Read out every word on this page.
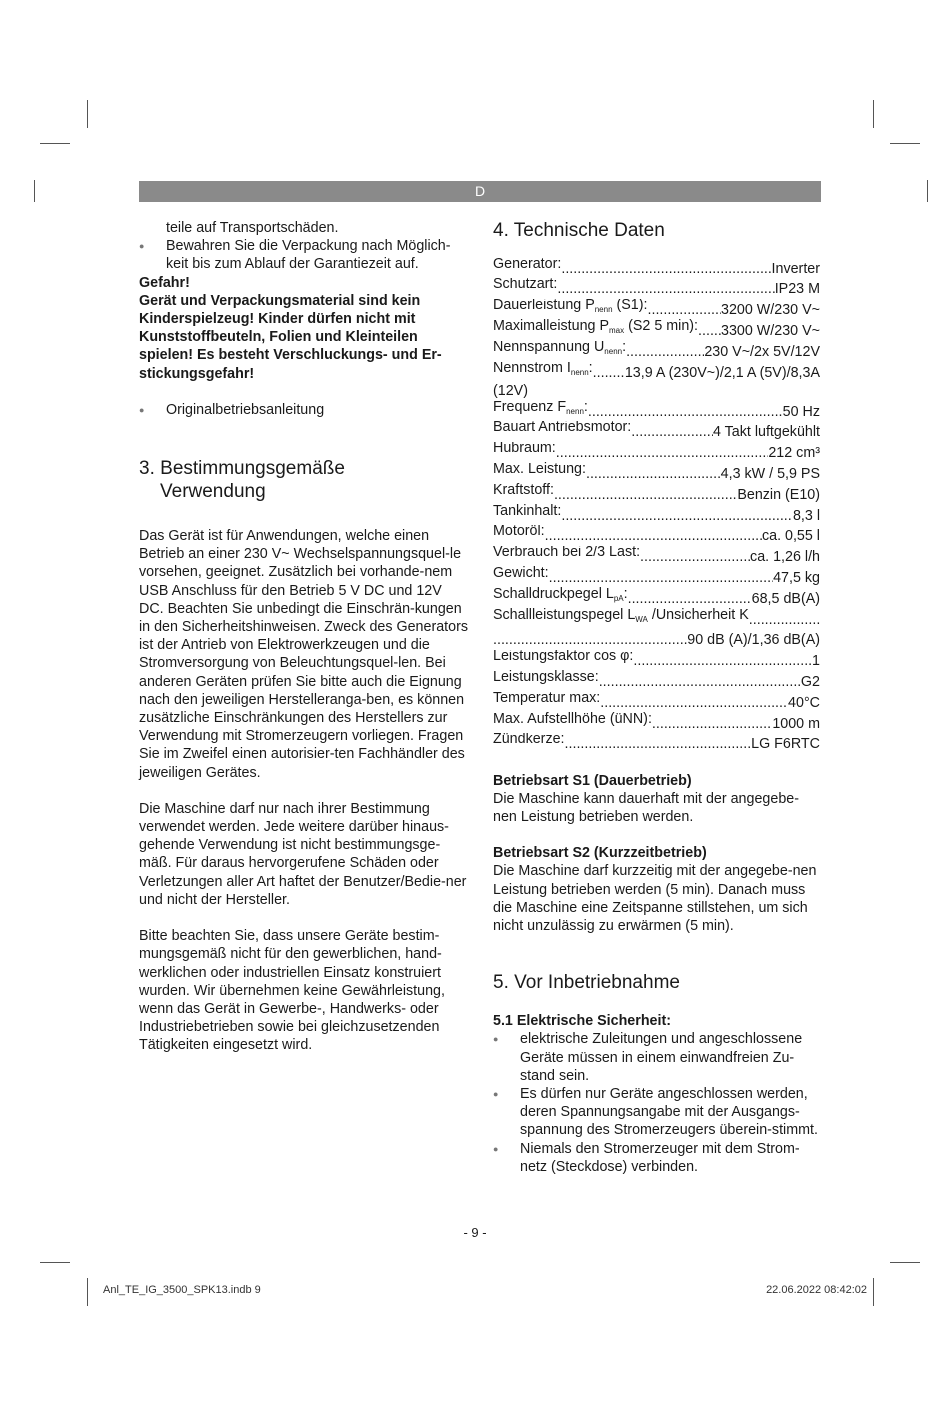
D

teile auf Transportschäden.

● Bewahren Sie die Verpackung nach Möglich-keit bis zum Ablauf der Garantiezeit auf.

Gefahr!

Gerät und Verpackungsmaterial sind kein Kinderspielzeug! Kinder dürfen nicht mit Kunststoffbeuteln, Folien und Kleinteilen spielen! Es besteht Verschluckungs- und Er-stickungsgefahr!

● Originalbetriebsanleitung

3. Bestimmungsgemäße
Verwendung

Das Gerät ist für Anwendungen, welche einen Betrieb an einer 230 V~ Wechselspannungsquel-le vorsehen, geeignet. Zusätzlich bei vorhande-nem USB Anschluss für den Betrieb 5 V DC und 12V DC. Beachten Sie unbedingt die Einschrän-kungen in den Sicherheitshinweisen. Zweck des Generators ist der Antrieb von Elektrowerkzeugen und die Stromversorgung von Beleuchtungsquel-len. Bei anderen Geräten prüfen Sie bitte auch die Eignung nach den jeweiligen Herstellerangа-ben, es können zusätzliche Einschränkungen des Herstellers zur Verwendung mit Stromerzeugern vorliegen. Fragen Sie im Zweifel einen autorisier-ten Fachhändler des jeweiligen Gerätes.

Die Maschine darf nur nach ihrer Bestimmung verwendet werden. Jede weitere darüber hinaus-gehende Verwendung ist nicht bestimmungsge-mäß. Für daraus hervorgerufene Schäden oder Verletzungen aller Art haftet der Benutzer/Bedie-ner und nicht der Hersteller.

Bitte beachten Sie, dass unsere Geräte bestim-mungsgemäß nicht für den gewerblichen, hand-werklichen oder industriellen Einsatz konstruiert wurden. Wir übernehmen keine Gewährleistung, wenn das Gerät in Gewerbe-, Handwerks- oder Industriebetrieben sowie bei gleichzusetzenden Tätigkeiten eingesetzt wird.

4. Technische Daten
Generator: .....	Inverter
Schutzart: .....	IP23 M
Dauerleistung $P_{nenn}$ (S1): .....	3200 W/230 V~
Maximalleistung $P_{max}$ (S2 5 min): ..... 3300 W/230 V~
Nennspannung $U_{nenn}$: .....	230 V~/2x 5V/12V
Nennstrom $I_{nenn}$: ..... 13,9 A (230V~)/2,1 A (5V)/8,3A

(12V)

Frequenz $F_{nenn}$: .....	50 Hz
Bauart Antriebsmotor: .....	4 Takt luftgekühlt
Hubraum: .....	212 cm³
Max. Leistung: .....	4,3 kW / 5,9 PS
Kraftstoff: .....	Benzin (E10)
Tankinhalt: .....	8,3 l
Motoröl: .....	ca. 0,55 l
Verbrauch bei 2/3 Last: .....	ca. 1,26 l/h
Gewicht: .....	47,5 kg
Schalldruckpegel $L_{pA}$: .....	68,5 dB(A)
Schallleistungspegel $L_{WA}$ /Unsicherheit K
.....
.....
90 dB (A)/1,36 dB(A)
Leistungsfaktor cos φ: .....	1
Leistungsklasse: .....	G2
Temperatur max: .....	40°C
Max. Aufstellhöhe (üNN): .....	1000 m
Zündkerze: .....	LG F6RTC

Betriebsart S1 (Dauerbetrieb)

Die Maschine kann dauerhaft mit der angegebe-nen Leistung betrieben werden.

Betriebsart S2 (Kurzzeitbetrieb)

Die Maschine darf kurzzeitig mit der angegebe-nen Leistung betrieben werden (5 min). Danach muss die Maschine eine Zeitspanne stillstehen, um sich nicht unzulässig zu erwärmen (5 min).

5. Vor Inbetriebnahme

5.1 Elektrische Sicherheit:

● elektrische Zuleitungen und angeschlossene Geräte müssen in einem einwandfreien Zu-stand sein.

● Es dürfen nur Geräte angeschlossen werden, deren Spannungsangabe mit der Ausgangs-spannung des Stromerzeugers überein-stimmt.

● Niemals den Stromerzeuger mit dem Strom-netz (Steckdose) verbinden.

- 9 -
Anl_TE_IG_3500_SPK13.indb 9	22.06.2022 08:42:02
